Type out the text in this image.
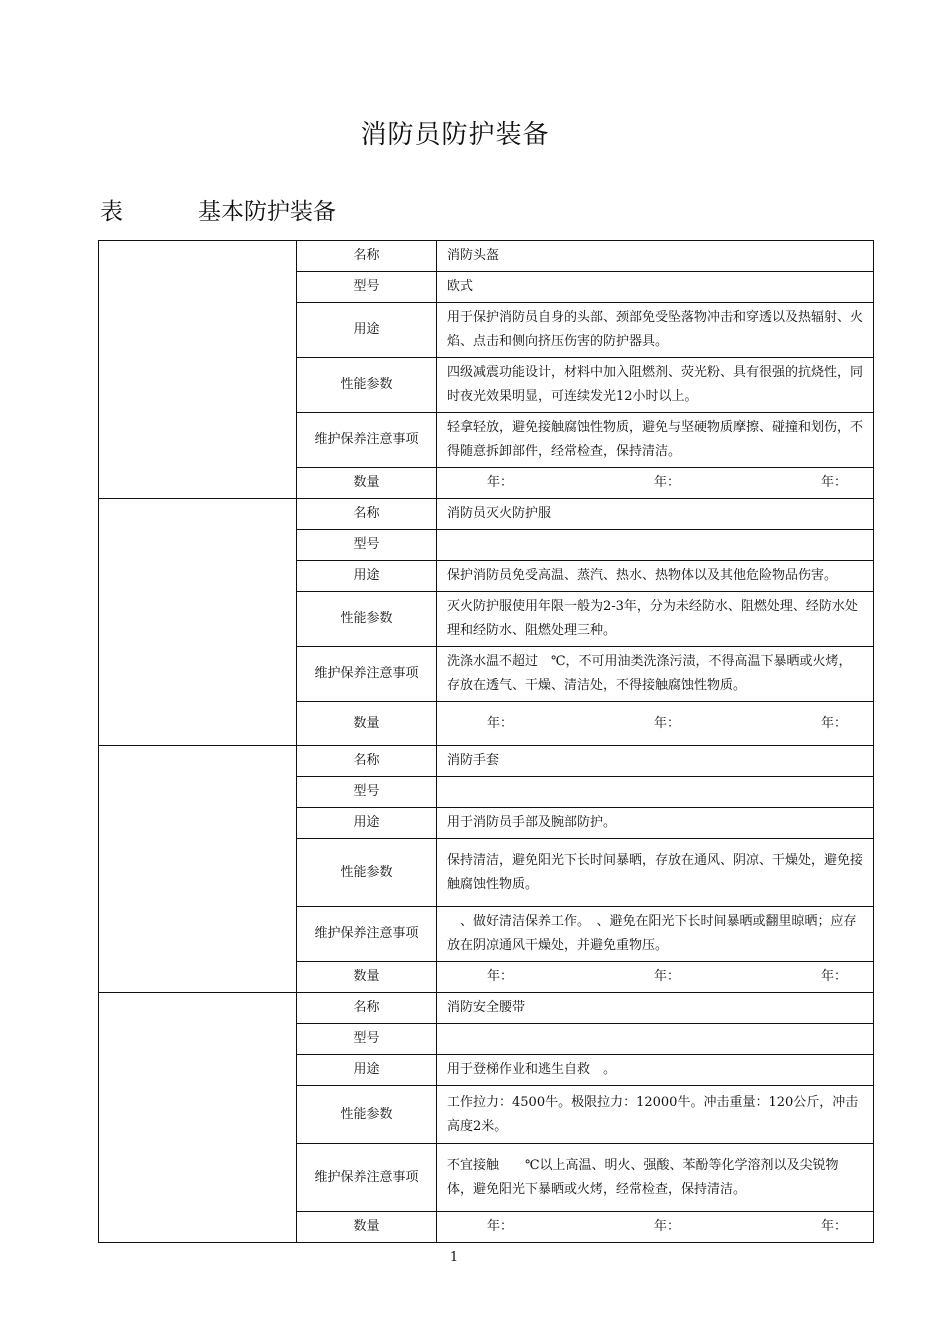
消防员防护装备
表	基本防护装备
	名称	消防头盔
	型号	欧式
	用途	用于保护消防员自身的头部、颈部免受坠落物冲击和穿透以及热辐射、火焰、点击和侧向挤压伤害的防护器具。
	性能参数	四级减震功能设计，材料中加入阻燃剂、荧光粉、具有很强的抗烧性，同时夜光效果明显，可连续发光12小时以上。
	维护保养注意事项	轻拿轻放，避免接触腐蚀性物质，避免与坚硬物质摩擦、碰撞和划伤，不得随意拆卸部件，经常检查，保持清洁。
	数量	年： 年： 年：

	名称	消防员灭火防护服
	型号	
	用途	保护消防员免受高温、蒸汽、热水、热物体以及其他危险物品伤害。
	性能参数	灭火防护服使用年限一般为2-3年，分为未经防水、阻燃处理、经防水处理和经防水、阻燃处理三种。
	维护保养注意事项	洗涤水温不超过　℃，不可用油类洗涤污渍，不得高温下暴晒或火烤，存放在透气、干燥、清洁处，不得接触腐蚀性物质。
	数量	年： 年： 年：

	名称	消防手套
	型号	
	用途	用于消防员手部及腕部防护。
	性能参数	保持清洁，避免阳光下长时间暴晒，存放在通风、阴凉、干燥处，避免接触腐蚀性物质。
	维护保养注意事项	　、做好清洁保养工作。　、避免在阳光下长时间暴晒或翻里晾晒；应存放在阴凉通风干燥处，并避免重物压。
	数量	年： 年： 年：

	名称	消防安全腰带
	型号	
	用途	用于登梯作业和逃生自救　。
	性能参数	工作拉力：4500牛。极限拉力：12000牛。冲击重量：120公斤，冲击高度2米。
	维护保养注意事项	不宜接触　　℃以上高温、明火、强酸、苯酚等化学溶剂以及尖锐物体，避免阳光下暴晒或火烤，经常检查，保持清洁。
	数量	年： 年： 年：
1
